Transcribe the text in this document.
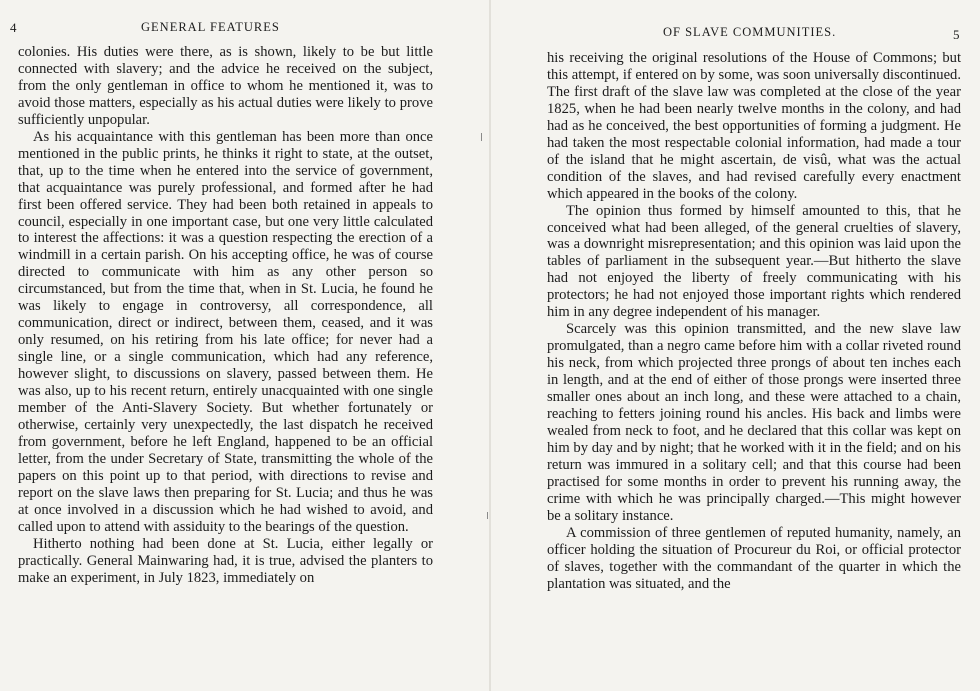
4	GENERAL FEATURES

colonies. His duties were there, as is shown, likely to be but little connected with slavery; and the advice he received on the subject, from the only gentleman in office to whom he mentioned it, was to avoid those matters, especially as his actual duties were likely to prove sufficiently unpopular.

As his acquaintance with this gentleman has been more than once mentioned in the public prints, he thinks it right to state, at the outset, that, up to the time when he entered into the service of government, that acquaintance was purely professional, and formed after he had first been offered service. They had been both retained in appeals to council, especially in one important case, but one very little calculated to interest the affections: it was a question respecting the erection of a windmill in a certain parish. On his accepting office, he was of course directed to communicate with him as any other person so circumstanced, but from the time that, when in St. Lucia, he found he was likely to engage in controversy, all correspondence, all communication, direct or indirect, between them, ceased, and it was only resumed, on his retiring from his late office; for never had a single line, or a single communication, which had any reference, however slight, to discussions on slavery, passed between them. He was also, up to his recent return, entirely unacquainted with one single member of the Anti-Slavery Society. But whether fortunately or otherwise, certainly very unexpectedly, the last dispatch he received from government, before he left England, happened to be an official letter, from the under Secretary of State, transmitting the whole of the papers on this point up to that period, with directions to revise and report on the slave laws then preparing for St. Lucia; and thus he was at once involved in a discussion which he had wished to avoid, and called upon to attend with assiduity to the bearings of the question.

Hitherto nothing had been done at St. Lucia, either legally or practically. General Mainwaring had, it is true, advised the planters to make an experiment, in July 1823, immediately on

OF SLAVE COMMUNITIES.	5

his receiving the original resolutions of the House of Commons; but this attempt, if entered on by some, was soon universally discontinued. The first draft of the slave law was completed at the close of the year 1825, when he had been nearly twelve months in the colony, and had had as he conceived, the best opportunities of forming a judgment. He had taken the most respectable colonial information, had made a tour of the island that he might ascertain, de visû, what was the actual condition of the slaves, and had revised carefully every enactment which appeared in the books of the colony.

The opinion thus formed by himself amounted to this, that he conceived what had been alleged, of the general cruelties of slavery, was a downright misrepresentation; and this opinion was laid upon the tables of parliament in the subsequent year.—But hitherto the slave had not enjoyed the liberty of freely communicating with his protectors; he had not enjoyed those important rights which rendered him in any degree independent of his manager.

Scarcely was this opinion transmitted, and the new slave law promulgated, than a negro came before him with a collar riveted round his neck, from which projected three prongs of about ten inches each in length, and at the end of either of those prongs were inserted three smaller ones about an inch long, and these were attached to a chain, reaching to fetters joining round his ancles. His back and limbs were wealed from neck to foot, and he declared that this collar was kept on him by day and by night; that he worked with it in the field; and on his return was immured in a solitary cell; and that this course had been practised for some months in order to prevent his running away, the crime with which he was principally charged.—This might however be a solitary instance.

A commission of three gentlemen of reputed humanity, namely, an officer holding the situation of Procureur du Roi, or official protector of slaves, together with the commandant of the quarter in which the plantation was situated, and the
